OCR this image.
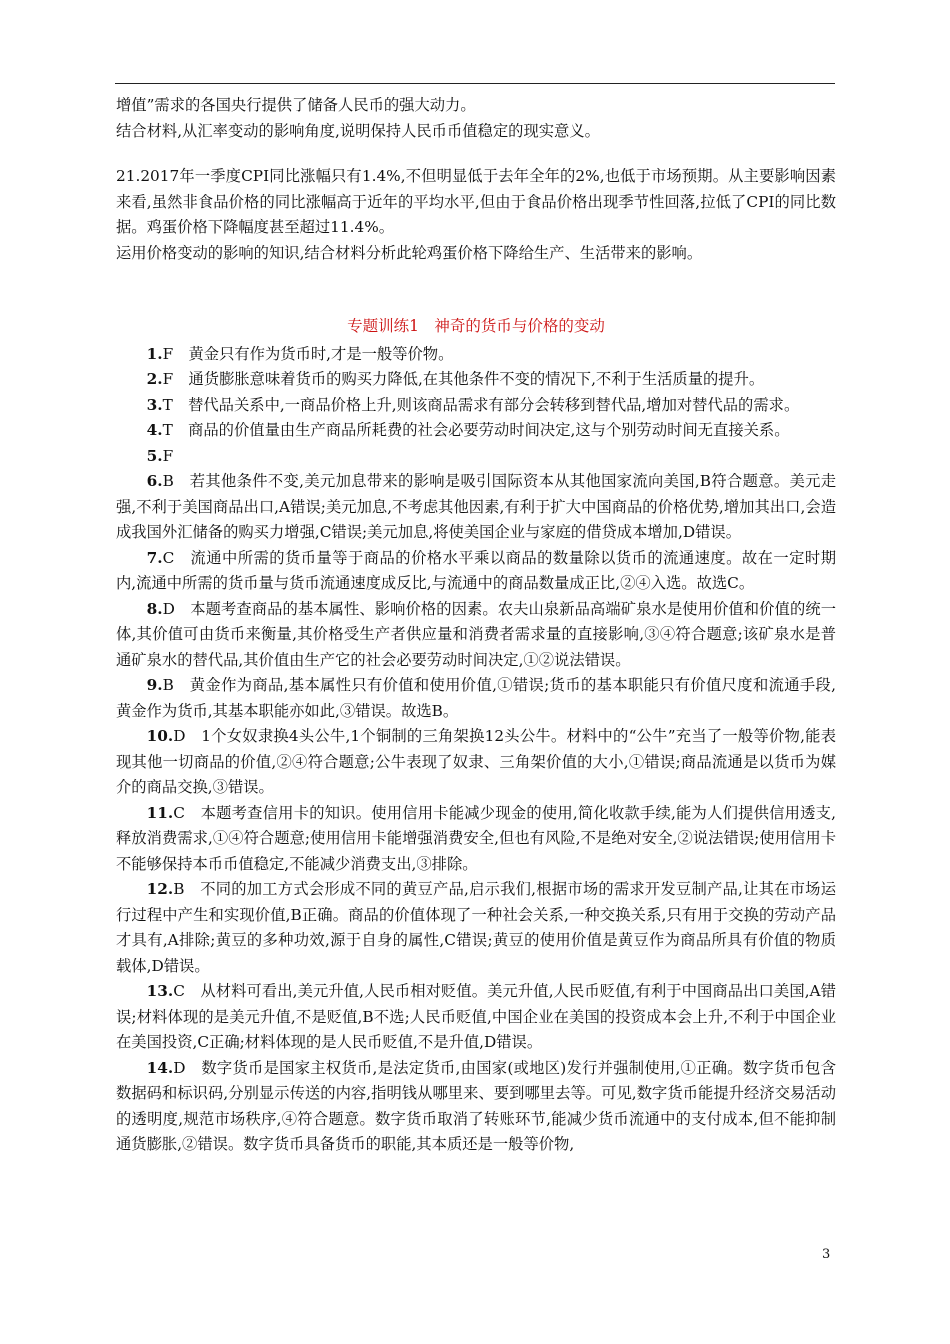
增值”需求的各国央行提供了储备人民币的强大动力。

结合材料,从汇率变动的影响角度,说明保持人民币币值稳定的现实意义。

21.2017年一季度CPI同比涨幅只有1.4%,不但明显低于去年全年的2%,也低于市场预期。从主要影响因素来看,虽然非食品价格的同比涨幅高于近年的平均水平,但由于食品价格出现季节性回落,拉低了CPI的同比数据。鸡蛋价格下降幅度甚至超过11.4%。

运用价格变动的影响的知识,结合材料分析此轮鸡蛋价格下降给生产、生活带来的影响。

专题训练1　神奇的货币与价格的变动

1.F　黄金只有作为货币时,才是一般等价物。

2.F　通货膨胀意味着货币的购买力降低,在其他条件不变的情况下,不利于生活质量的提升。

3.T　替代品关系中,一商品价格上升,则该商品需求有部分会转移到替代品,增加对替代品的需求。

4.T　商品的价值量由生产商品所耗费的社会必要劳动时间决定,这与个别劳动时间无直接关系。

5.F

6.B　若其他条件不变,美元加息带来的影响是吸引国际资本从其他国家流向美国,B符合题意。美元走强,不利于美国商品出口,A错误;美元加息,不考虑其他因素,有利于扩大中国商品的价格优势,增加其出口,会造成我国外汇储备的购买力增强,C错误;美元加息,将使美国企业与家庭的借贷成本增加,D错误。

7.C　流通中所需的货币量等于商品的价格水平乘以商品的数量除以货币的流通速度。故在一定时期内,流通中所需的货币量与货币流通速度成反比,与流通中的商品数量成正比,②④入选。故选C。

8.D　本题考查商品的基本属性、影响价格的因素。农夫山泉新品高端矿泉水是使用价值和价值的统一体,其价值可由货币来衡量,其价格受生产者供应量和消费者需求量的直接影响,③④符合题意;该矿泉水是普通矿泉水的替代品,其价值由生产它的社会必要劳动时间决定,①②说法错误。

9.B　黄金作为商品,基本属性只有价值和使用价值,①错误;货币的基本职能只有价值尺度和流通手段,黄金作为货币,其基本职能亦如此,③错误。故选B。

10.D　1个女奴隶换4头公牛,1个铜制的三角架换12头公牛。材料中的“公牛”充当了一般等价物,能表现其他一切商品的价值,②④符合题意;公牛表现了奴隶、三角架价值的大小,①错误;商品流通是以货币为媒介的商品交换,③错误。

11.C　本题考查信用卡的知识。使用信用卡能减少现金的使用,简化收款手续,能为人们提供信用透支,释放消费需求,①④符合题意;使用信用卡能增强消费安全,但也有风险,不是绝对安全,②说法错误;使用信用卡不能够保持本币币值稳定,不能减少消费支出,③排除。

12.B　不同的加工方式会形成不同的黄豆产品,启示我们,根据市场的需求开发豆制产品,让其在市场运行过程中产生和实现价值,B正确。商品的价值体现了一种社会关系,一种交换关系,只有用于交换的劳动产品才具有,A排除;黄豆的多种功效,源于自身的属性,C错误;黄豆的使用价值是黄豆作为商品所具有价值的物质载体,D错误。

13.C　从材料可看出,美元升值,人民币相对贬值。美元升值,人民币贬值,有利于中国商品出口美国,A错误;材料体现的是美元升值,不是贬值,B不选;人民币贬值,中国企业在美国的投资成本会上升,不利于中国企业在美国投资,C正确;材料体现的是人民币贬值,不是升值,D错误。

14.D　数字货币是国家主权货币,是法定货币,由国家(或地区)发行并强制使用,①正确。数字货币包含数据码和标识码,分别显示传送的内容,指明钱从哪里来、要到哪里去等。可见,数字货币能提升经济交易活动的透明度,规范市场秩序,④符合题意。数字货币取消了转账环节,能减少货币流通中的支付成本,但不能抑制通货膨胀,②错误。数字货币具备货币的职能,其本质还是一般等价物,

3
